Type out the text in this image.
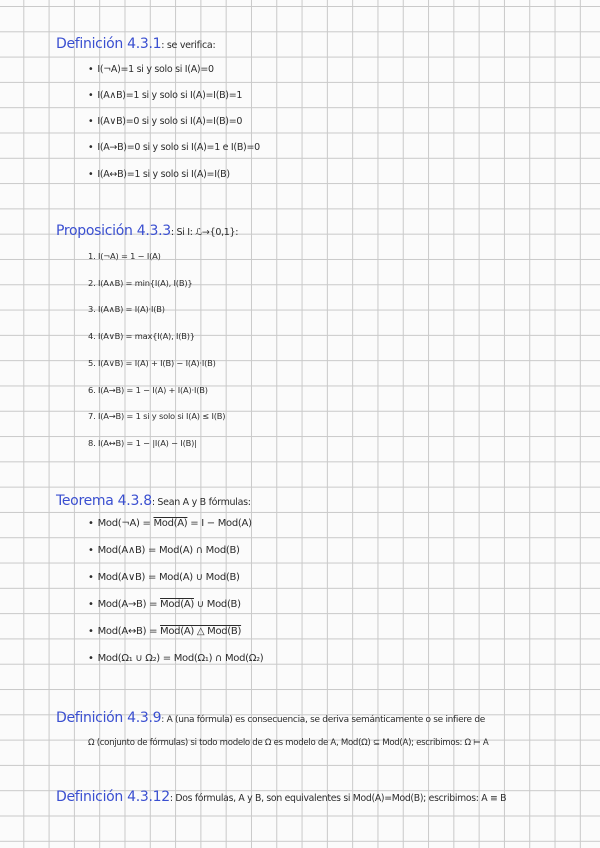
Definición 4.3.1: se verifica:
• I(¬A)=1 si y solo si I(A)=0
• I(A∧B)=1 si y solo si I(A)=I(B)=1
• I(A∨B)=0 si y solo si I(A)=I(B)=0
• I(A→B)=0 si y solo si I(A)=1 e I(B)=0
• I(A↔B)=1 si y solo si I(A)=I(B)
Proposición 4.3.3: Si I: ℒ→{0,1}:
1. I(¬A) = 1 − I(A)
2. I(A∧B) = min{I(A), I(B)}
3. I(A∧B) = I(A)·I(B)
4. I(A∨B) = max{I(A), I(B)}
5. I(A∨B) = I(A) + I(B) − I(A)·I(B)
6. I(A→B) = 1 − I(A) + I(A)·I(B)
7. I(A→B) = 1 si y solo si I(A) ≤ I(B)
8. I(A↔B) = 1 − |I(A) − I(B)|
Teorema 4.3.8: Sean A y B fórmulas:
• Mod(¬A) = Mod(A) = I − Mod(A)
• Mod(A∧B) = Mod(A) ∩ Mod(B)
• Mod(A∨B) = Mod(A) ∪ Mod(B)
• Mod(A→B) = Mod(A) ∪ Mod(B)
• Mod(A↔B) = Mod(A) △ Mod(B)
• Mod(Ω₁ ∪ Ω₂) = Mod(Ω₁) ∩ Mod(Ω₂)
Definición 4.3.9: A (una fórmula) es consecuencia, se deriva semánticamente o se infiere de
Ω (conjunto de fórmulas) si todo modelo de Ω es modelo de A, Mod(Ω) ⊆ Mod(A); escribimos: Ω ⊨ A
Definición 4.3.12: Dos fórmulas, A y B, son equivalentes si Mod(A)=Mod(B); escribimos: A ≡ B
